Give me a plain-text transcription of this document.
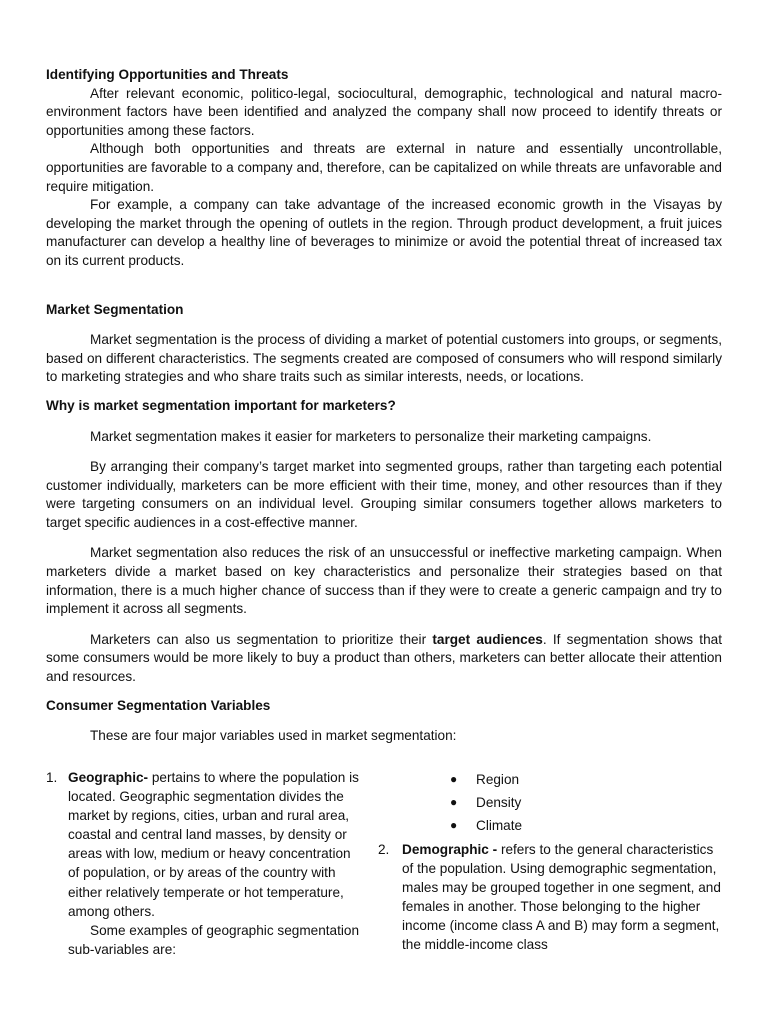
Identifying Opportunities and Threats

After relevant economic, politico-legal, sociocultural, demographic, technological and natural macro-environment factors have been identified and analyzed the company shall now proceed to identify threats or opportunities among these factors.

Although both opportunities and threats are external in nature and essentially uncontrollable, opportunities are favorable to a company and, therefore, can be capitalized on while threats are unfavorable and require mitigation.

For example, a company can take advantage of the increased economic growth in the Visayas by developing the market through the opening of outlets in the region. Through product development, a fruit juices manufacturer can develop a healthy line of beverages to minimize or avoid the potential threat of increased tax on its current products.

Market Segmentation

Market segmentation is the process of dividing a market of potential customers into groups, or segments, based on different characteristics. The segments created are composed of consumers who will respond similarly to marketing strategies and who share traits such as similar interests, needs, or locations.

Why is market segmentation important for marketers?

Market segmentation makes it easier for marketers to personalize their marketing campaigns.

By arranging their company’s target market into segmented groups, rather than targeting each potential customer individually, marketers can be more efficient with their time, money, and other resources than if they were targeting consumers on an individual level. Grouping similar consumers together allows marketers to target specific audiences in a cost-effective manner.

Market segmentation also reduces the risk of an unsuccessful or ineffective marketing campaign. When marketers divide a market based on key characteristics and personalize their strategies based on that information, there is a much higher chance of success than if they were to create a generic campaign and try to implement it across all segments.

Marketers can also us segmentation to prioritize their target audiences. If segmentation shows that some consumers would be more likely to buy a product than others, marketers can better allocate their attention and resources.

Consumer Segmentation Variables

These are four major variables used in market segmentation:

1. Geographic- pertains to where the population is located. Geographic segmentation divides the market by regions, cities, urban and rural area, coastal and central land masses, by density or areas with low, medium or heavy concentration of population, or by areas of the country with either relatively temperate or hot temperature, among others.
Some examples of geographic segmentation sub-variables are:
● Region
● Density
● Climate
2. Demographic - refers to the general characteristics of the population. Using demographic segmentation, males may be grouped together in one segment, and females in another. Those belonging to the higher income (income class A and B) may form a segment, the middle-income class
